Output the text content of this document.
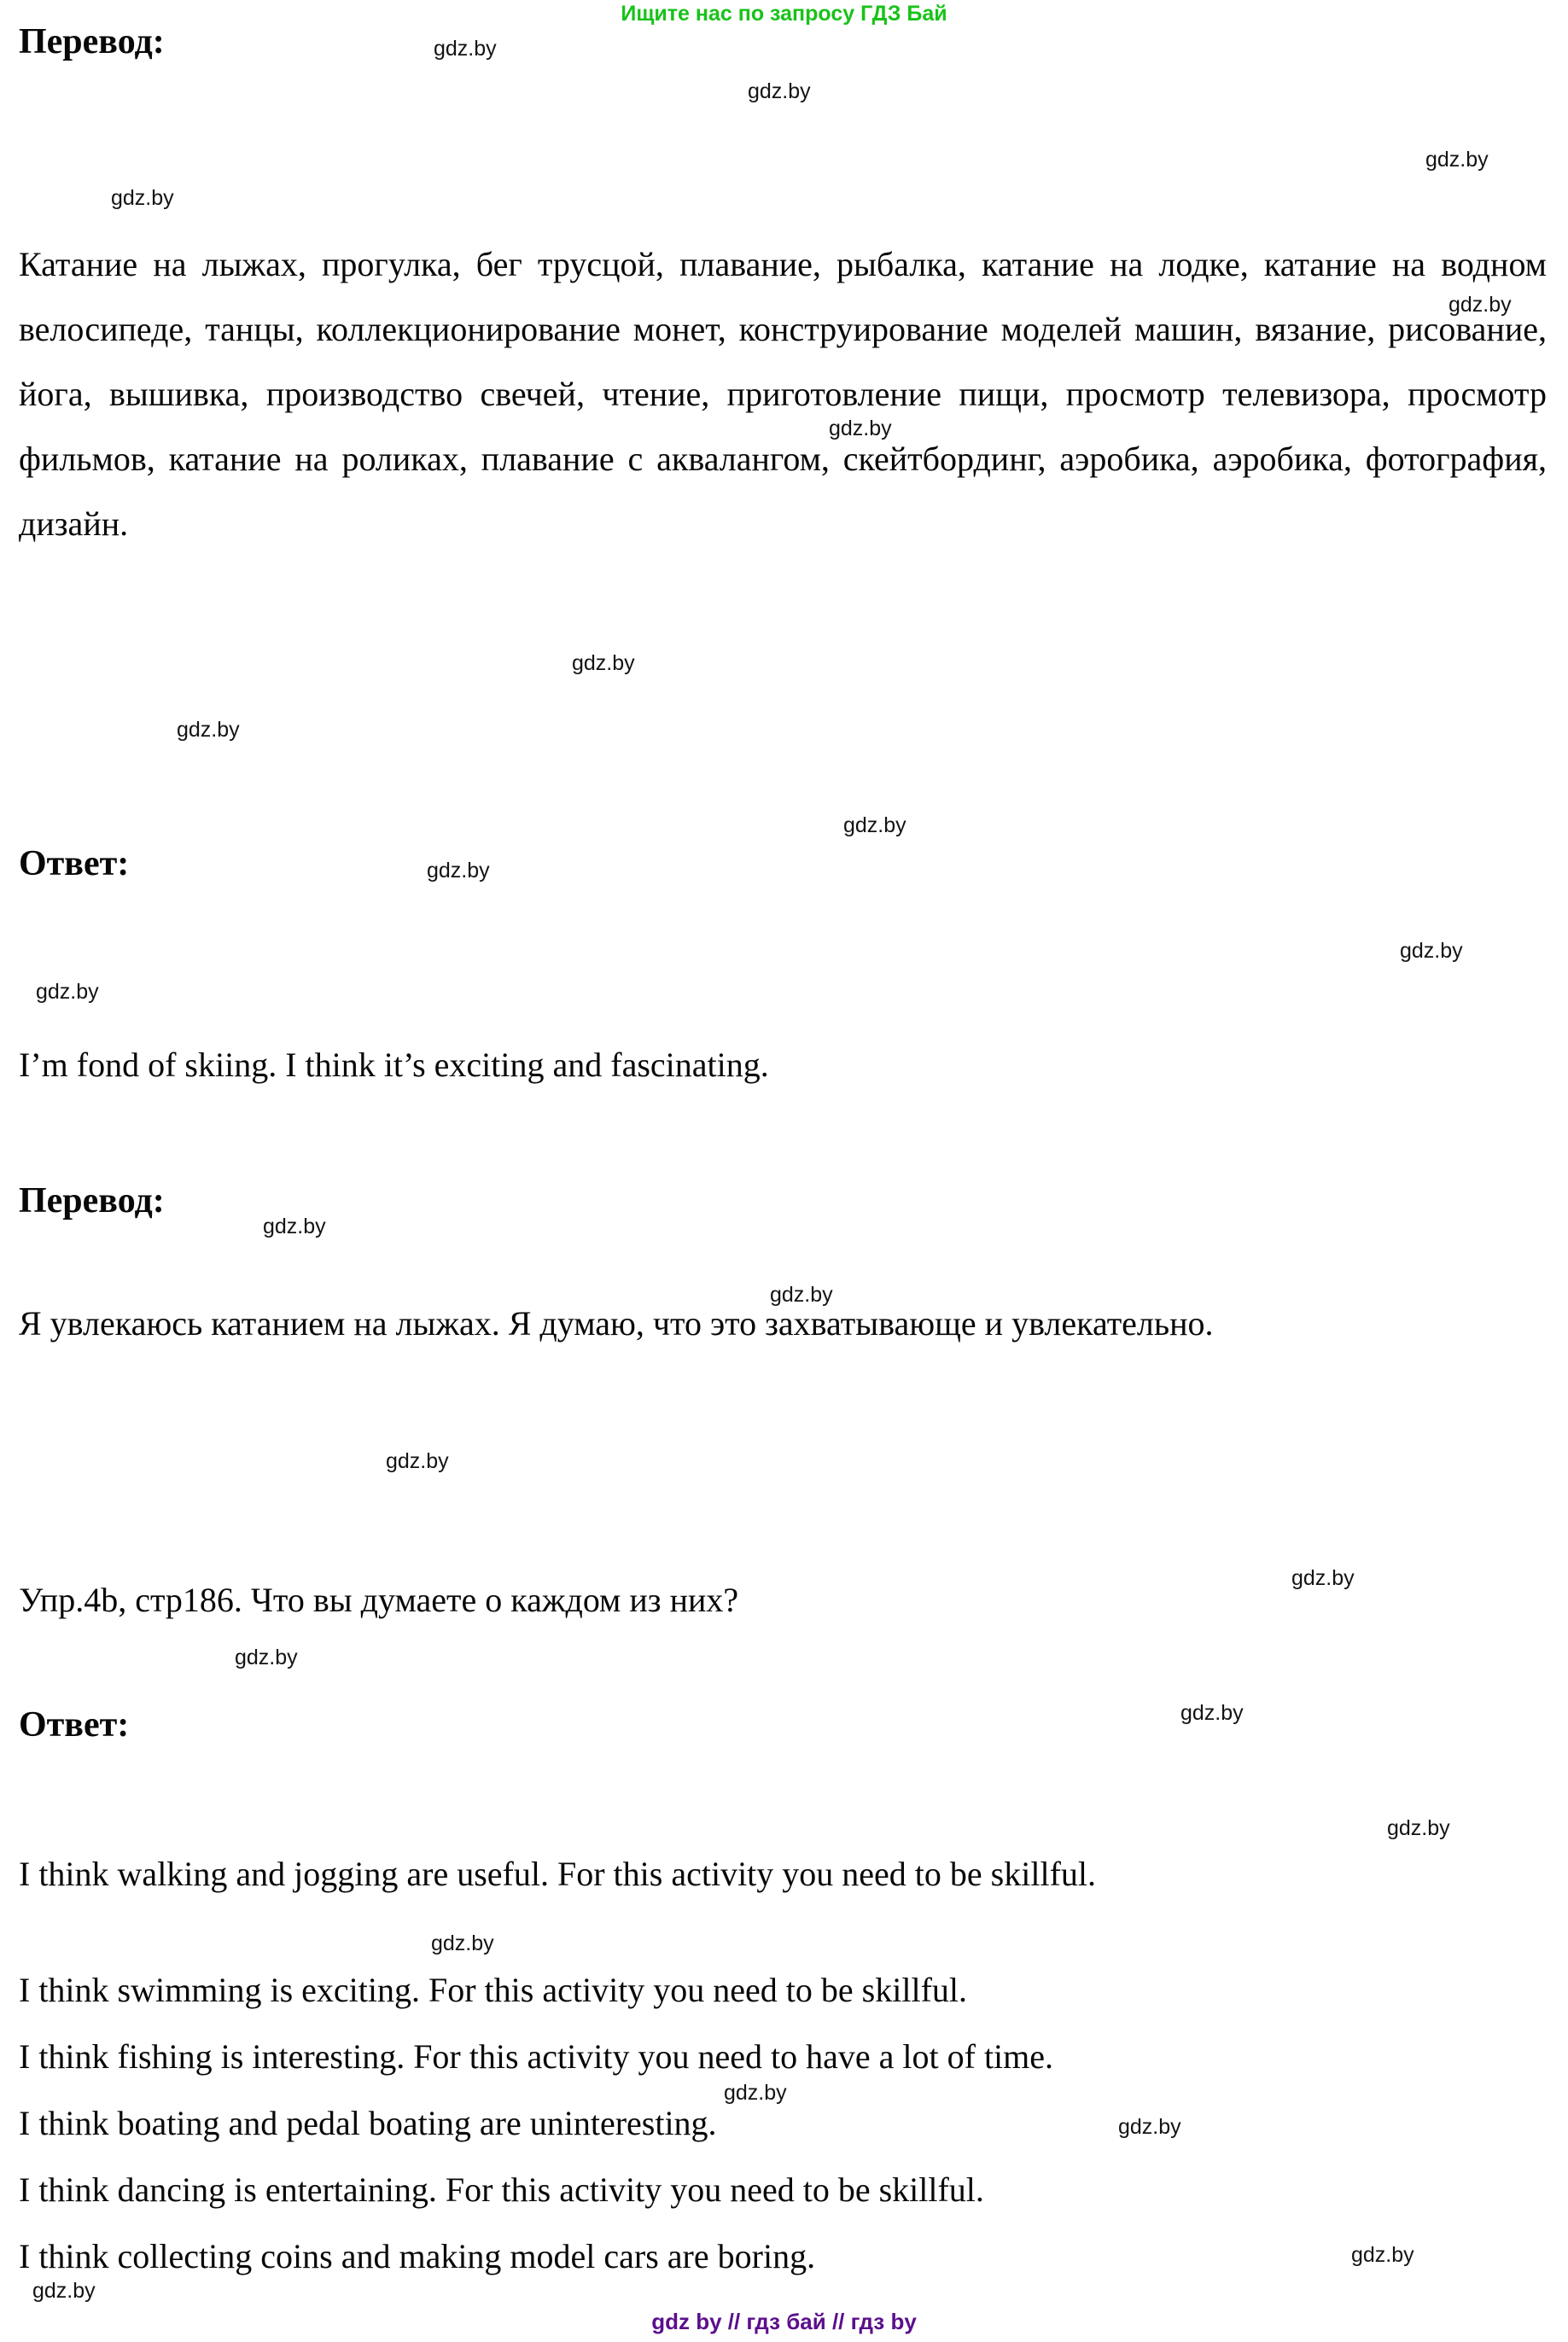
Ищите нас по запросу ГДЗ Бай
Перевод:
Катание на лыжах, прогулка, бег трусцой, плавание, рыбалка, катание на лодке, катание на водном велосипеде, танцы, коллекционирование монет, конструирование моделей машин, вязание, рисование, йога, вышивка, производство свечей, чтение, приготовление пищи, просмотр телевизора, просмотр фильмов, катание на роликах, плавание с аквалангом, скейтбординг, аэробика, аэробика, фотография, дизайн.
Ответ:
I’m fond of skiing. I think it’s exciting and fascinating.
Перевод:
Я увлекаюсь катанием на лыжах. Я думаю, что это захватывающе и увлекательно.
Упр.4b, стр186. Что вы думаете о каждом из них?
Ответ:
I think walking and jogging are useful. For this activity you need to be skillful.
I think swimming is exciting. For this activity you need to be skillful.
I think fishing is interesting. For this activity you need to have a lot of time.
I think boating and pedal boating are uninteresting.
I think dancing is entertaining. For this activity you need to be skillful.
I think collecting coins and making model cars are boring.
gdz.by
gdz.by
gdz.by
gdz.by
gdz.by
gdz.by
gdz.by
gdz.by
gdz.by
gdz.by
gdz.by
gdz.by
gdz.by
gdz.by
gdz.by
gdz.by
gdz.by
gdz.by
gdz.by
gdz.by
gdz.by
gdz.by
gdz.by
gdz.by
gdz by // гдз бай // гдз by
